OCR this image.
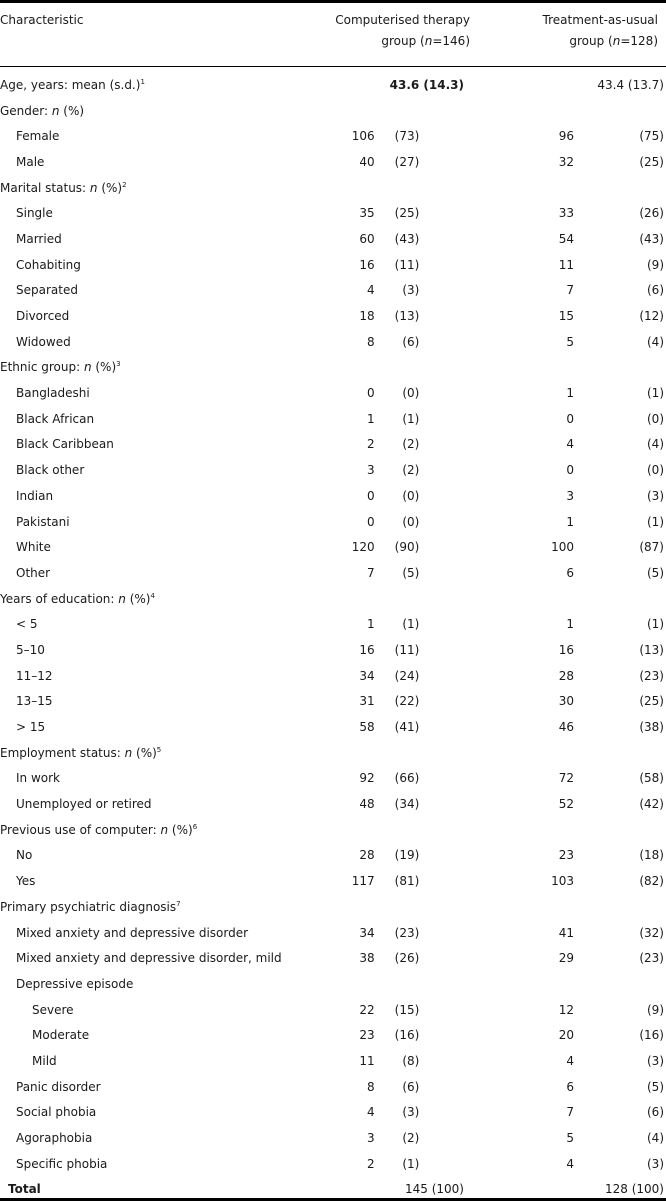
Characteristic	Computerised therapy
group (n=146)
Treatment-as-usual
group (n=128)
Age, years: mean $(s.d.)^1$	43.6 (14.3)				43.4 (13.7)		
Gender: n (%)							
Female	106	(73)			96	(75)	
Male	40	(27)			32	(25)	
Marital status: n (%)$^2$	
Single	35	(25)			33	(26)	
Married	60	(43)			54	(43)	
Cohabiting	16	(11)			11	(9)	
Separated	4	(3)			7	(6)	
Divorced	18	(13)			15	(12)	
Widowed	8	(6)			5	(4)	
Ethnic group: n (%)$^3$	
Bangladeshi	0	(0)			1	(1)	
Black African	1	(1)			0	(0)	
Black Caribbean	2	(2)			4	(4)	
Black other	3	(2)			0	(0)	
Indian	0	(0)			3	(3)	
Pakistani	0	(0)			1	(1)	
White	120	(90)			100	(87)	
Other	7	(5)			6	(5)	
Years of education: n (%)$^4$	
< 5	1	(1)			1	(1)	
5–10	16	(11)			16	(13)	
11–12	34	(24)			28	(23)	
13–15	31	(22)			30	(25)	
> 15	58	(41)			46	(38)	
Employment status: n (%)$^5$	
In work	92	(66)			72	(58)	
Unemployed or retired	48	(34)			52	(42)	
Previous use of computer: n (%)$^6$	
No	28	(19)			23	(18)	
Yes	117	(81)			103	(82)	
Primary psychiatric diagnosis$^7$	
Mixed anxiety and depressive disorder	34	(23)			41	(32)	
Mixed anxiety and depressive disorder, mild	38	(26)			29	(23)	
Depressive episode							
Severe	22	(15)			12	(9)	
Moderate	23	(16)			20	(16)	
Mild	11	(8)			4	(3)	
Panic disorder	8	(6)			6	(5)	
Social phobia	4	(3)			7	(6)	
Agoraphobia	3	(2)			5	(4)	
Specific phobia	2	(1)			4	(3)	
Total	145 (100)				128 (100)		
